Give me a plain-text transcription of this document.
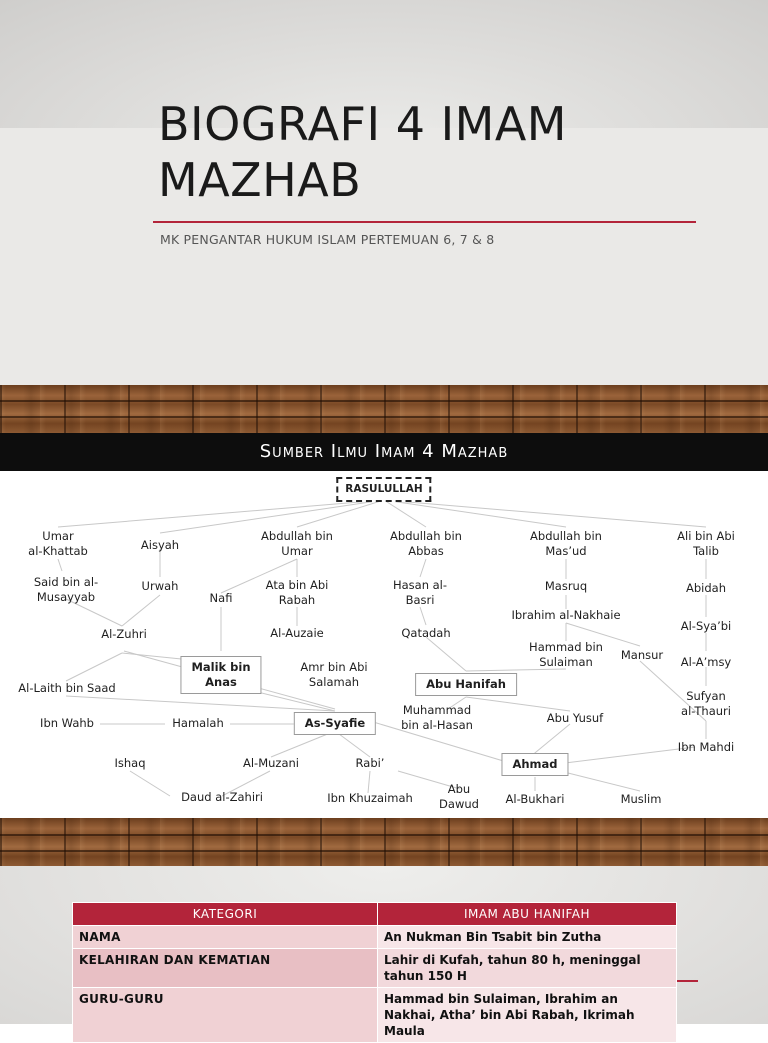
BIOGRAFI 4 IMAM MAZHAB
MK PENGANTAR HUKUM ISLAM PERTEMUAN 6, 7 & 8
Sumber Ilmu Imam 4 Mazhab
RASULULLAH
Umar
al-Khattab	Aisyah
Abdullah bin
Umar
Abdullah bin
Abbas
Abdullah bin
Mas’ud
Ali bin Abi
Talib
Said bin al-
Musayyab
Urwah
Nafi
Ata bin Abi
Rabah
Hasan al-
Basri
Masruq	Abidah
Ibrahim al-Nakhaie
Al-Zuhri	Al-Auzaie	Qatadah	Al-Sya’bi
Hammad bin
Sulaiman	Mansur
Malik bin
Anas
Amr bin Abi
Salamah
Al-A’msy
Al-Laith bin Saad	Abu Hanifah
Sufyan
al-Thauri
Ibn Wahb	Hamalah	As-Syafie
Muhammad
bin al-Hasan	Abu Yusuf
Ibn Mahdi
Ishaq	Al-Muzani	Rabi’	Ahmad
Daud al-Zahiri	Ibn Khuzaimah
Abu
Dawud Al-Bukhari	Muslim
KATEGORI	IMAM ABU HANIFAH
NAMA	An Nukman Bin Tsabit bin Zutha
KELAHIRAN DAN KEMATIAN	Lahir di Kufah, tahun 80 h, meninggal tahun 150 H
GURU-GURU	Hammad bin Sulaiman, Ibrahim an Nakhai, Atha’ bin Abi Rabah, Ikrimah Maula
